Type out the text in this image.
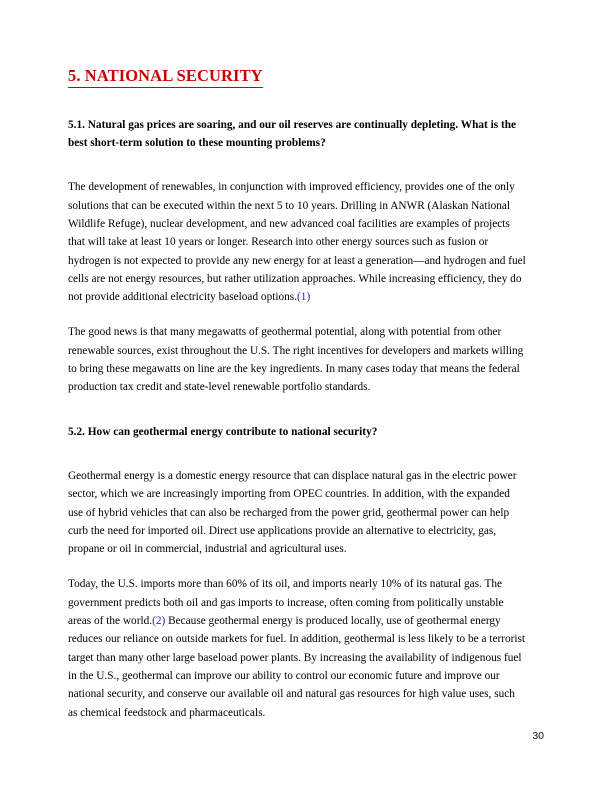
5. NATIONAL SECURITY
5.1. Natural gas prices are soaring, and our oil reserves are continually depleting. What is the best short-term solution to these mounting problems?

The development of renewables, in conjunction with improved efficiency, provides one of the only solutions that can be executed within the next 5 to 10 years. Drilling in ANWR (Alaskan National Wildlife Refuge), nuclear development, and new advanced coal facilities are examples of projects that will take at least 10 years or longer. Research into other energy sources such as fusion or hydrogen is not expected to provide any new energy for at least a generation—and hydrogen and fuel cells are not energy resources, but rather utilization approaches. While increasing efficiency, they do not provide additional electricity baseload options.(1)

The good news is that many megawatts of geothermal potential, along with potential from other renewable sources, exist throughout the U.S. The right incentives for developers and markets willing to bring these megawatts on line are the key ingredients. In many cases today that means the federal production tax credit and state-level renewable portfolio standards.

5.2. How can geothermal energy contribute to national security?

Geothermal energy is a domestic energy resource that can displace natural gas in the electric power sector, which we are increasingly importing from OPEC countries. In addition, with the expanded use of hybrid vehicles that can also be recharged from the power grid, geothermal power can help curb the need for imported oil. Direct use applications provide an alternative to electricity, gas, propane or oil in commercial, industrial and agricultural uses.

Today, the U.S. imports more than 60% of its oil, and imports nearly 10% of its natural gas. The government predicts both oil and gas imports to increase, often coming from politically unstable areas of the world.(2) Because geothermal energy is produced locally, use of geothermal energy reduces our reliance on outside markets for fuel. In addition, geothermal is less likely to be a terrorist target than many other large baseload power plants. By increasing the availability of indigenous fuel in the U.S., geothermal can improve our ability to control our economic future and improve our national security, and conserve our available oil and natural gas resources for high value uses, such as chemical feedstock and pharmaceuticals.

30
